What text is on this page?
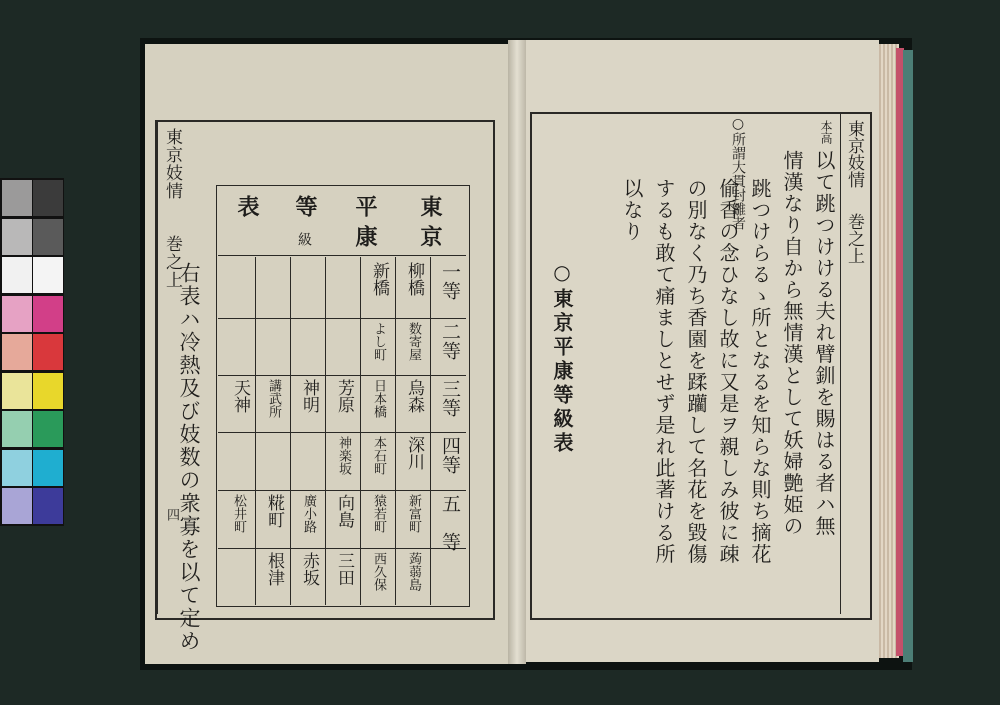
東京妓情  巻之上
四
東
京
平
康
等
級
表
一等
二等
三等
四等
五　等
柳橋
新橋
数寄屋
よし町
烏森
日本橋
芳原
神明
講武所
天神
深川
本石町
神楽坂
新富町
猿若町
向島
廣小路
糀町
松井町
蒟蒻島
西久保
三田
赤坂
根津
右表ハ冷熱及び妓数の衆寡を以て定め
東京妓情  巻之上
本高
○所謂大貫封雛者	以て跳つけける夫れ臂釧を賜はる者ハ無
情漢なり自から無情漢として妖婦艶姫の
跳つけらるゝ所となるを知らな則ち摘花
偷香の念ひなし故に又是ヲ親しみ彼に疎
の別なく乃ち香園を蹂躪して名花を毀傷
するも敢て痛ましとせず是れ此著ける所
以なり
○東京平康等級表
